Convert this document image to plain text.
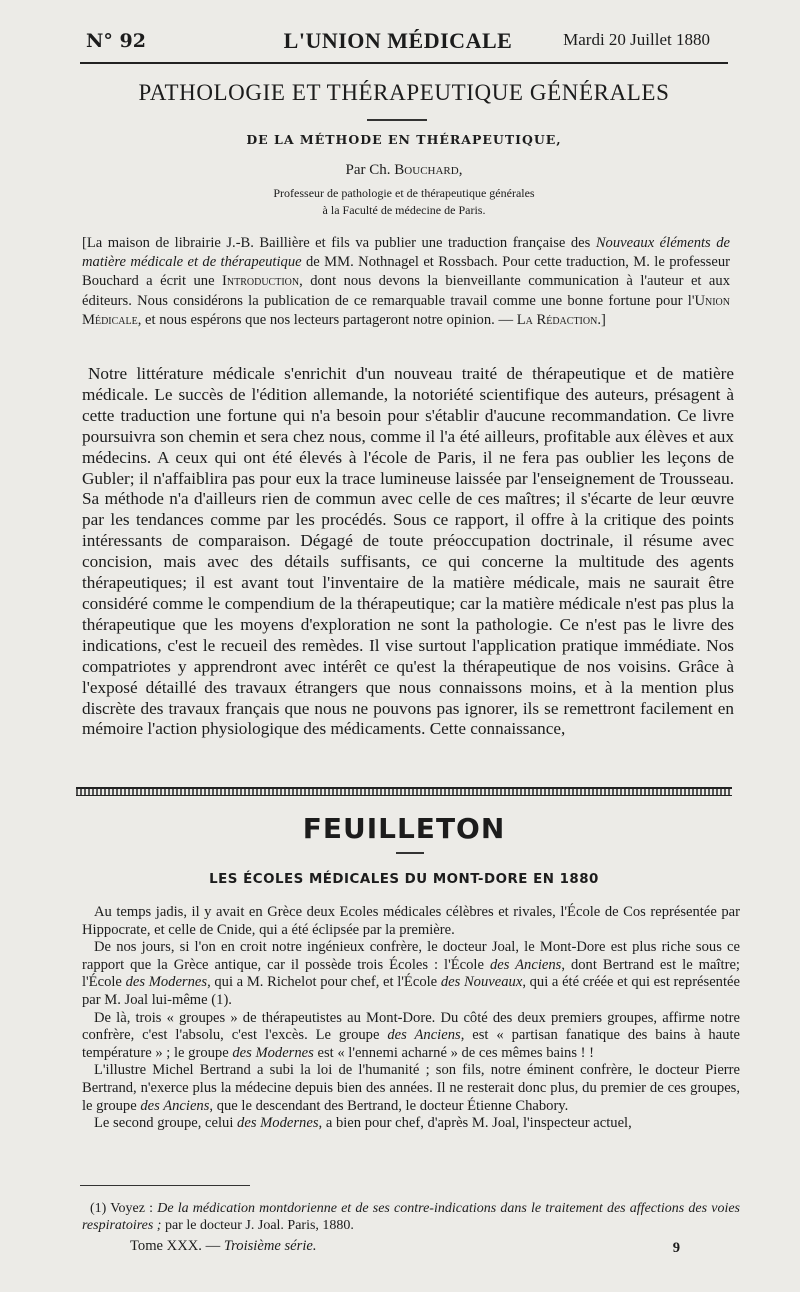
N° 92	L'UNION MÉDICALE	Mardi 20 Juillet 1880
PATHOLOGIE ET THÉRAPEUTIQUE GÉNÉRALES
DE LA MÉTHODE EN THÉRAPEUTIQUE,
Par Ch. Bouchard,
Professeur de pathologie et de thérapeutique générales
à la Faculté de médecine de Paris.
[La maison de librairie J.-B. Baillière et fils va publier une traduction française des Nouveaux éléments de matière médicale et de thérapeutique de MM. Nothnagel et Rossbach. Pour cette traduction, M. le professeur Bouchard a écrit une Introduction, dont nous devons la bienveillante communication à l'auteur et aux éditeurs. Nous considérons la publication de ce remarquable travail comme une bonne fortune pour l'Union Médicale, et nous espérons que nos lecteurs partageront notre opinion. — La Rédaction.]
Notre littérature médicale s'enrichit d'un nouveau traité de thérapeutique et de matière médicale. Le succès de l'édition allemande, la notoriété scientifique des auteurs, présagent à cette traduction une fortune qui n'a besoin pour s'établir d'aucune recommandation. Ce livre poursuivra son chemin et sera chez nous, comme il l'a été ailleurs, profitable aux élèves et aux médecins. A ceux qui ont été élevés à l'école de Paris, il ne fera pas oublier les leçons de Gubler; il n'affaiblira pas pour eux la trace lumineuse laissée par l'enseignement de Trousseau. Sa méthode n'a d'ailleurs rien de commun avec celle de ces maîtres; il s'écarte de leur œuvre par les tendances comme par les procédés. Sous ce rapport, il offre à la critique des points intéressants de comparaison. Dégagé de toute préoccupation doctrinale, il résume avec concision, mais avec des détails suffisants, ce qui concerne la multitude des agents thérapeutiques; il est avant tout l'inventaire de la matière médicale, mais ne saurait être considéré comme le compendium de la thérapeutique; car la matière médicale n'est pas plus la thérapeutique que les moyens d'exploration ne sont la pathologie. Ce n'est pas le livre des indications, c'est le recueil des remèdes. Il vise surtout l'application pratique immédiate. Nos compatriotes y apprendront avec intérêt ce qu'est la thérapeutique de nos voisins. Grâce à l'exposé détaillé des travaux étrangers que nous connaissons moins, et à la mention plus discrète des travaux français que nous ne pouvons pas ignorer, ils se remettront facilement en mémoire l'action physiologique des médicaments. Cette connaissance,
FEUILLETON
LES ÉCOLES MÉDICALES DU MONT-DORE EN 1880

Au temps jadis, il y avait en Grèce deux Ecoles médicales célèbres et rivales, l'École de Cos représentée par Hippocrate, et celle de Cnide, qui a été éclipsée par la première.

De nos jours, si l'on en croit notre ingénieux confrère, le docteur Joal, le Mont-Dore est plus riche sous ce rapport que la Grèce antique, car il possède trois Écoles : l'École des Anciens, dont Bertrand est le maître; l'École des Modernes, qui a M. Richelot pour chef, et l'École des Nouveaux, qui a été créée et qui est représentée par M. Joal lui-même (1).

De là, trois « groupes » de thérapeutistes au Mont-Dore. Du côté des deux premiers groupes, affirme notre confrère, c'est l'absolu, c'est l'excès. Le groupe des Anciens, est « partisan fanatique des bains à haute température » ; le groupe des Modernes est « l'ennemi acharné » de ces mêmes bains ! !

L'illustre Michel Bertrand a subi la loi de l'humanité ; son fils, notre éminent confrère, le docteur Pierre Bertrand, n'exerce plus la médecine depuis bien des années. Il ne resterait donc plus, du premier de ces groupes, le groupe des Anciens, que le descendant des Bertrand, le docteur Étienne Chabory.

Le second groupe, celui des Modernes, a bien pour chef, d'après M. Joal, l'inspecteur actuel,

(1) Voyez : De la médication montdorienne et de ses contre-indications dans le traitement des affections des voies respiratoires ; par le docteur J. Joal. Paris, 1880.
Tome XXX. — Troisième série.	9
